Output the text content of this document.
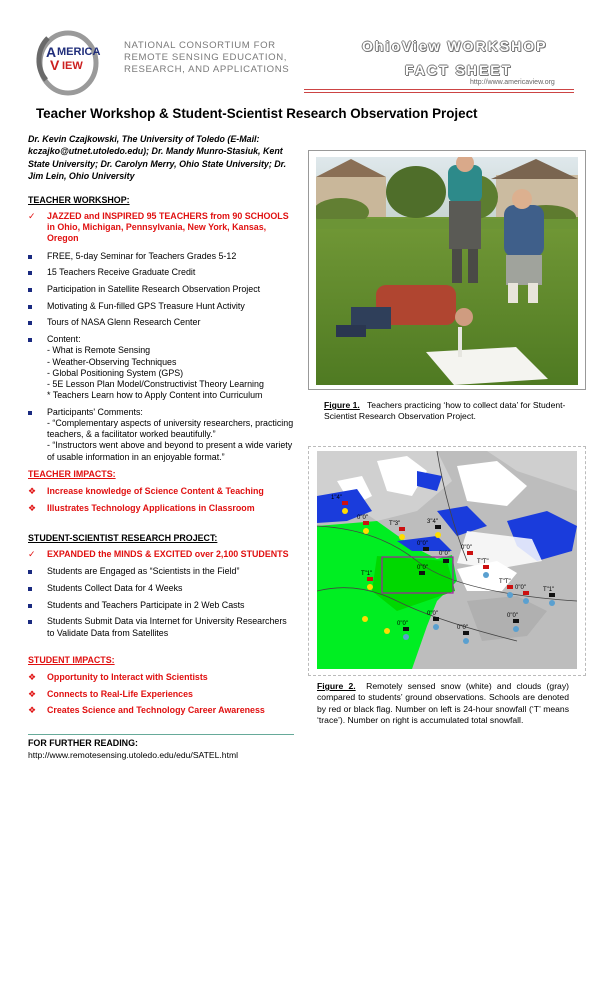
A MERICA
V IEW
NATIONAL CONSORTIUM FOR REMOTE SENSING EDUCATION, RESEARCH, AND APPLICATIONS
OhioView WORKSHOP
FACT SHEET
http://www.americaview.org
Teacher Workshop & Student-Scientist Research Observation Project
Dr. Kevin Czajkowski, The University of Toledo (E-Mail: kczajko@utnet.utoledo.edu); Dr. Mandy Munro-Stasiuk, Kent State University; Dr. Carolyn Merry, Ohio State University; Dr. Jim Lein, Ohio University
TEACHER WORKSHOP:
✓	JAZZED and INSPIRED 95 TEACHERS from 90 SCHOOLS in Ohio, Michigan, Pennsylvania, New York, Kansas, Oregon
FREE, 5-day Seminar for Teachers Grades 5-12
15 Teachers Receive Graduate Credit
Participation in Satellite Research Observation Project
Motivating & Fun-filled GPS Treasure Hunt Activity
Tours of NASA Glenn Research Center
Content:
- What is Remote Sensing
- Weather-Observing Techniques
- Global Positioning System (GPS)
- 5E Lesson Plan Model/Constructivist Theory Learning
* Teachers Learn how to Apply Content into Curriculum
Participants' Comments:
- “Complementary aspects of university researchers, practicing teachers, & a facilitator worked beautifully.”
- “Instructors went above and beyond to present a wide variety of usable information in an enjoyable format.”
TEACHER IMPACTS:
❖	Increase knowledge of Science Content & Teaching
❖	Illustrates Technology Applications in Classroom
STUDENT-SCIENTIST RESEARCH PROJECT:
✓	EXPANDED the MINDS & EXCITED over 2,100 STUDENTS
Students are Engaged as “Scientists in the Field”
Students Collect Data for 4 Weeks
Students and Teachers Participate in 2 Web Casts
Students Submit Data via Internet for University Researchers to Validate Data from Satellites
STUDENT IMPACTS:
❖	Opportunity to Interact with Scientists
❖	Connects to Real-Life Experiences
❖	Creates Science and Technology Career Awareness
FOR FURTHER READING:
http://www.remotesensing.utoledo.edu/edu/SATEL.html
Figure 1. Teachers practicing ‘how to collect data’ for Student-Scientist Research Observation Project.
1"4"
0"0"
T"3"	3"4"
0"0"
0"0"
T"1"
0"0"
T"T"
T"T"
0"0"	T"1"
0"0"
0"0"
0"0"
0"0"
0"0"
Figure 2. Remotely sensed snow (white) and clouds (gray) compared to students’ ground observations. Schools are denoted by red or black flag. Number on left is 24-hour snowfall (‘T’ means ‘trace’). Number on right is accumulated total snowfall.
